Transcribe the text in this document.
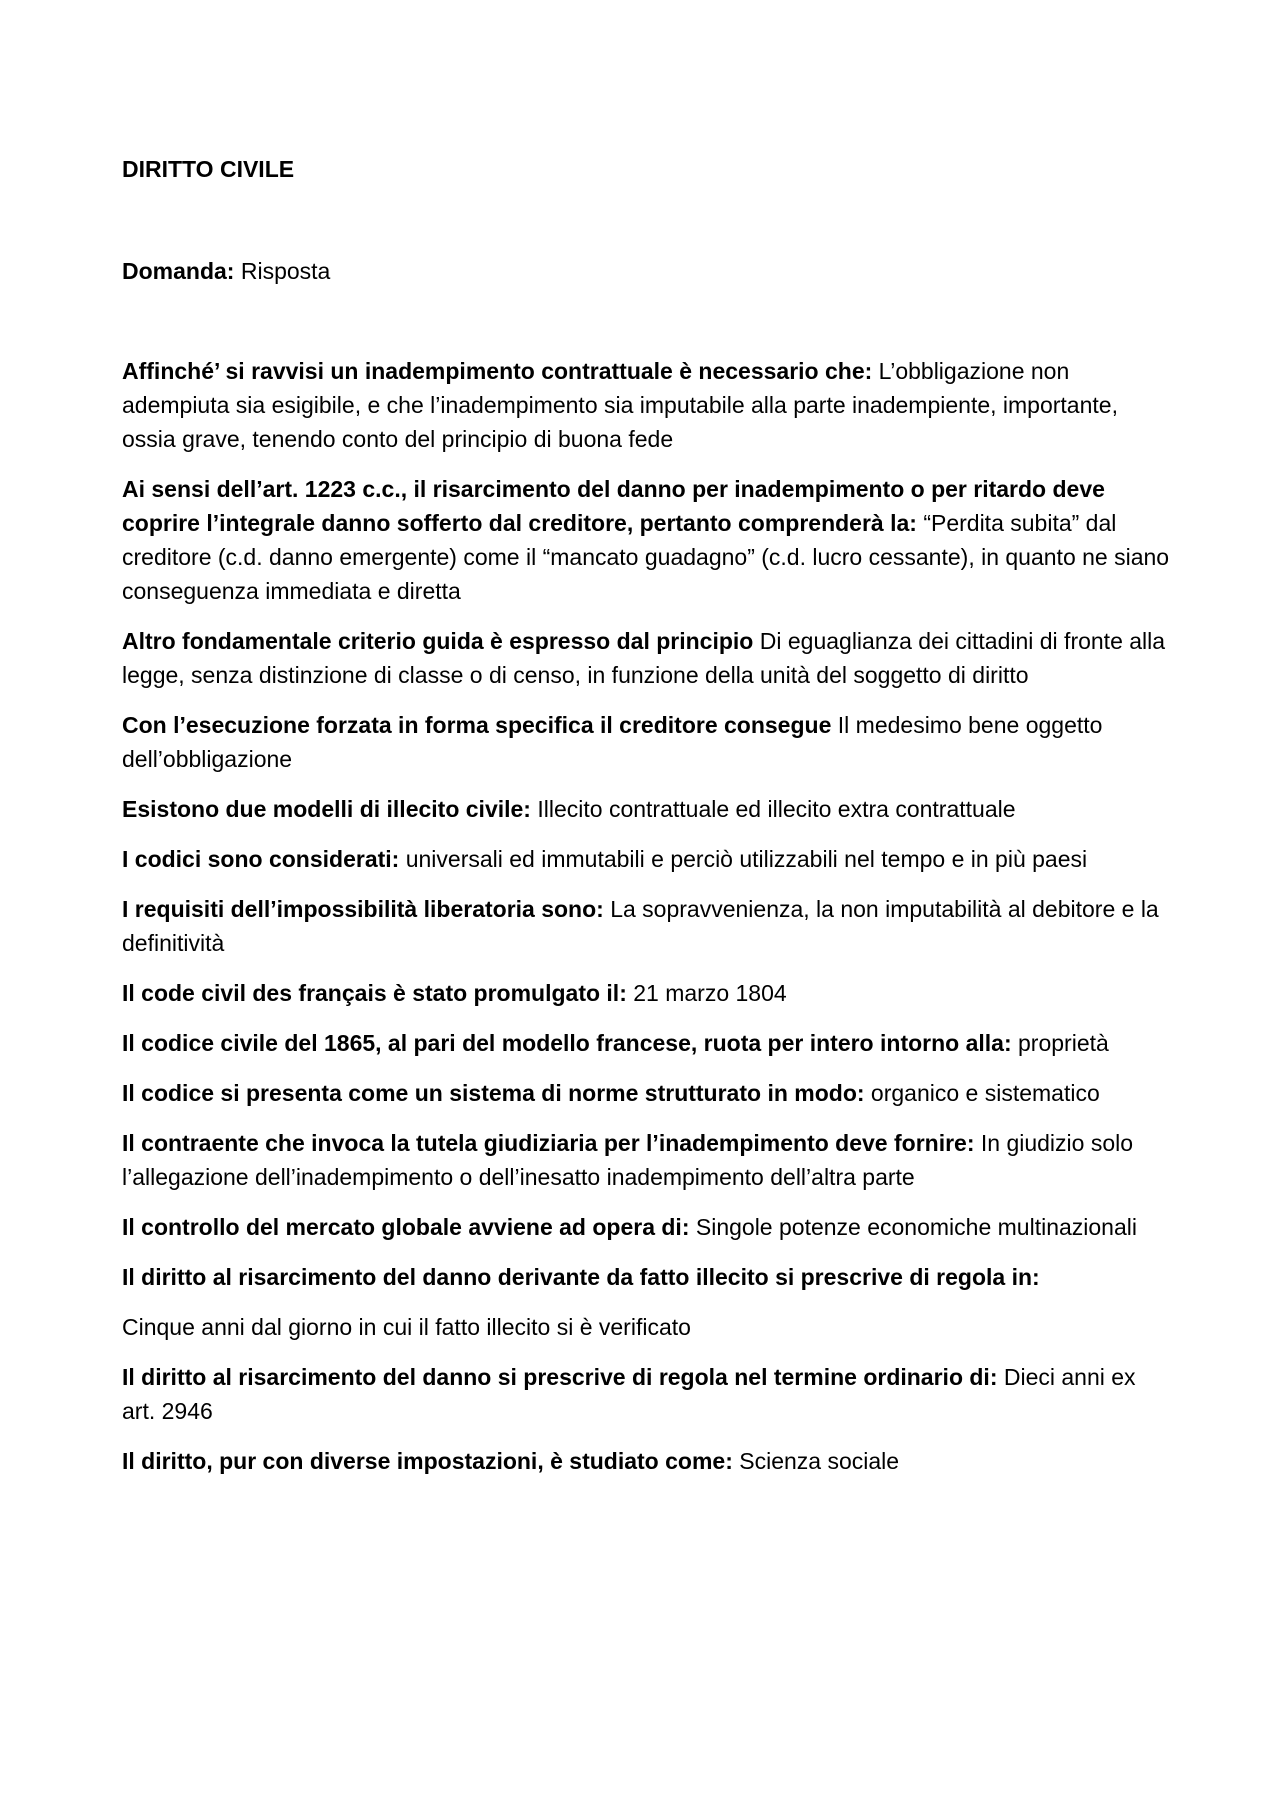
DIRITTO CIVILE

Domanda: Risposta

Affinché’ si ravvisi un inadempimento contrattuale è necessario che: L’obbligazione non adempiuta sia esigibile, e che l’inadempimento sia imputabile alla parte inadempiente, importante, ossia grave, tenendo conto del principio di buona fede

Ai sensi dell’art. 1223 c.c., il risarcimento del danno per inadempimento o per ritardo deve coprire l’integrale danno sofferto dal creditore, pertanto comprenderà la: “Perdita subita” dal creditore (c.d. danno emergente) come il “mancato guadagno” (c.d. lucro cessante), in quanto ne siano conseguenza immediata e diretta

Altro fondamentale criterio guida è espresso dal principio Di eguaglianza dei cittadini di fronte alla legge, senza distinzione di classe o di censo, in funzione della unità del soggetto di diritto

Con l’esecuzione forzata in forma specifica il creditore consegue Il medesimo bene oggetto dell’obbligazione

Esistono due modelli di illecito civile: Illecito contrattuale ed illecito extra contrattuale

I codici sono considerati: universali ed immutabili e perciò utilizzabili nel tempo e in più paesi

I requisiti dell’impossibilità liberatoria sono: La sopravvenienza, la non imputabilità al debitore e la definitività

Il code civil des français è stato promulgato il: 21 marzo 1804

Il codice civile del 1865, al pari del modello francese, ruota per intero intorno alla: proprietà

Il codice si presenta come un sistema di norme strutturato in modo: organico e sistematico

Il contraente che invoca la tutela giudiziaria per l’inadempimento deve fornire: In giudizio solo l’allegazione dell’inadempimento o dell’inesatto inadempimento dell’altra parte

Il controllo del mercato globale avviene ad opera di: Singole potenze economiche multinazionali

Il diritto al risarcimento del danno derivante da fatto illecito si prescrive di regola in:

Cinque anni dal giorno in cui il fatto illecito si è verificato

Il diritto al risarcimento del danno si prescrive di regola nel termine ordinario di: Dieci anni ex art. 2946

Il diritto, pur con diverse impostazioni, è studiato come: Scienza sociale
